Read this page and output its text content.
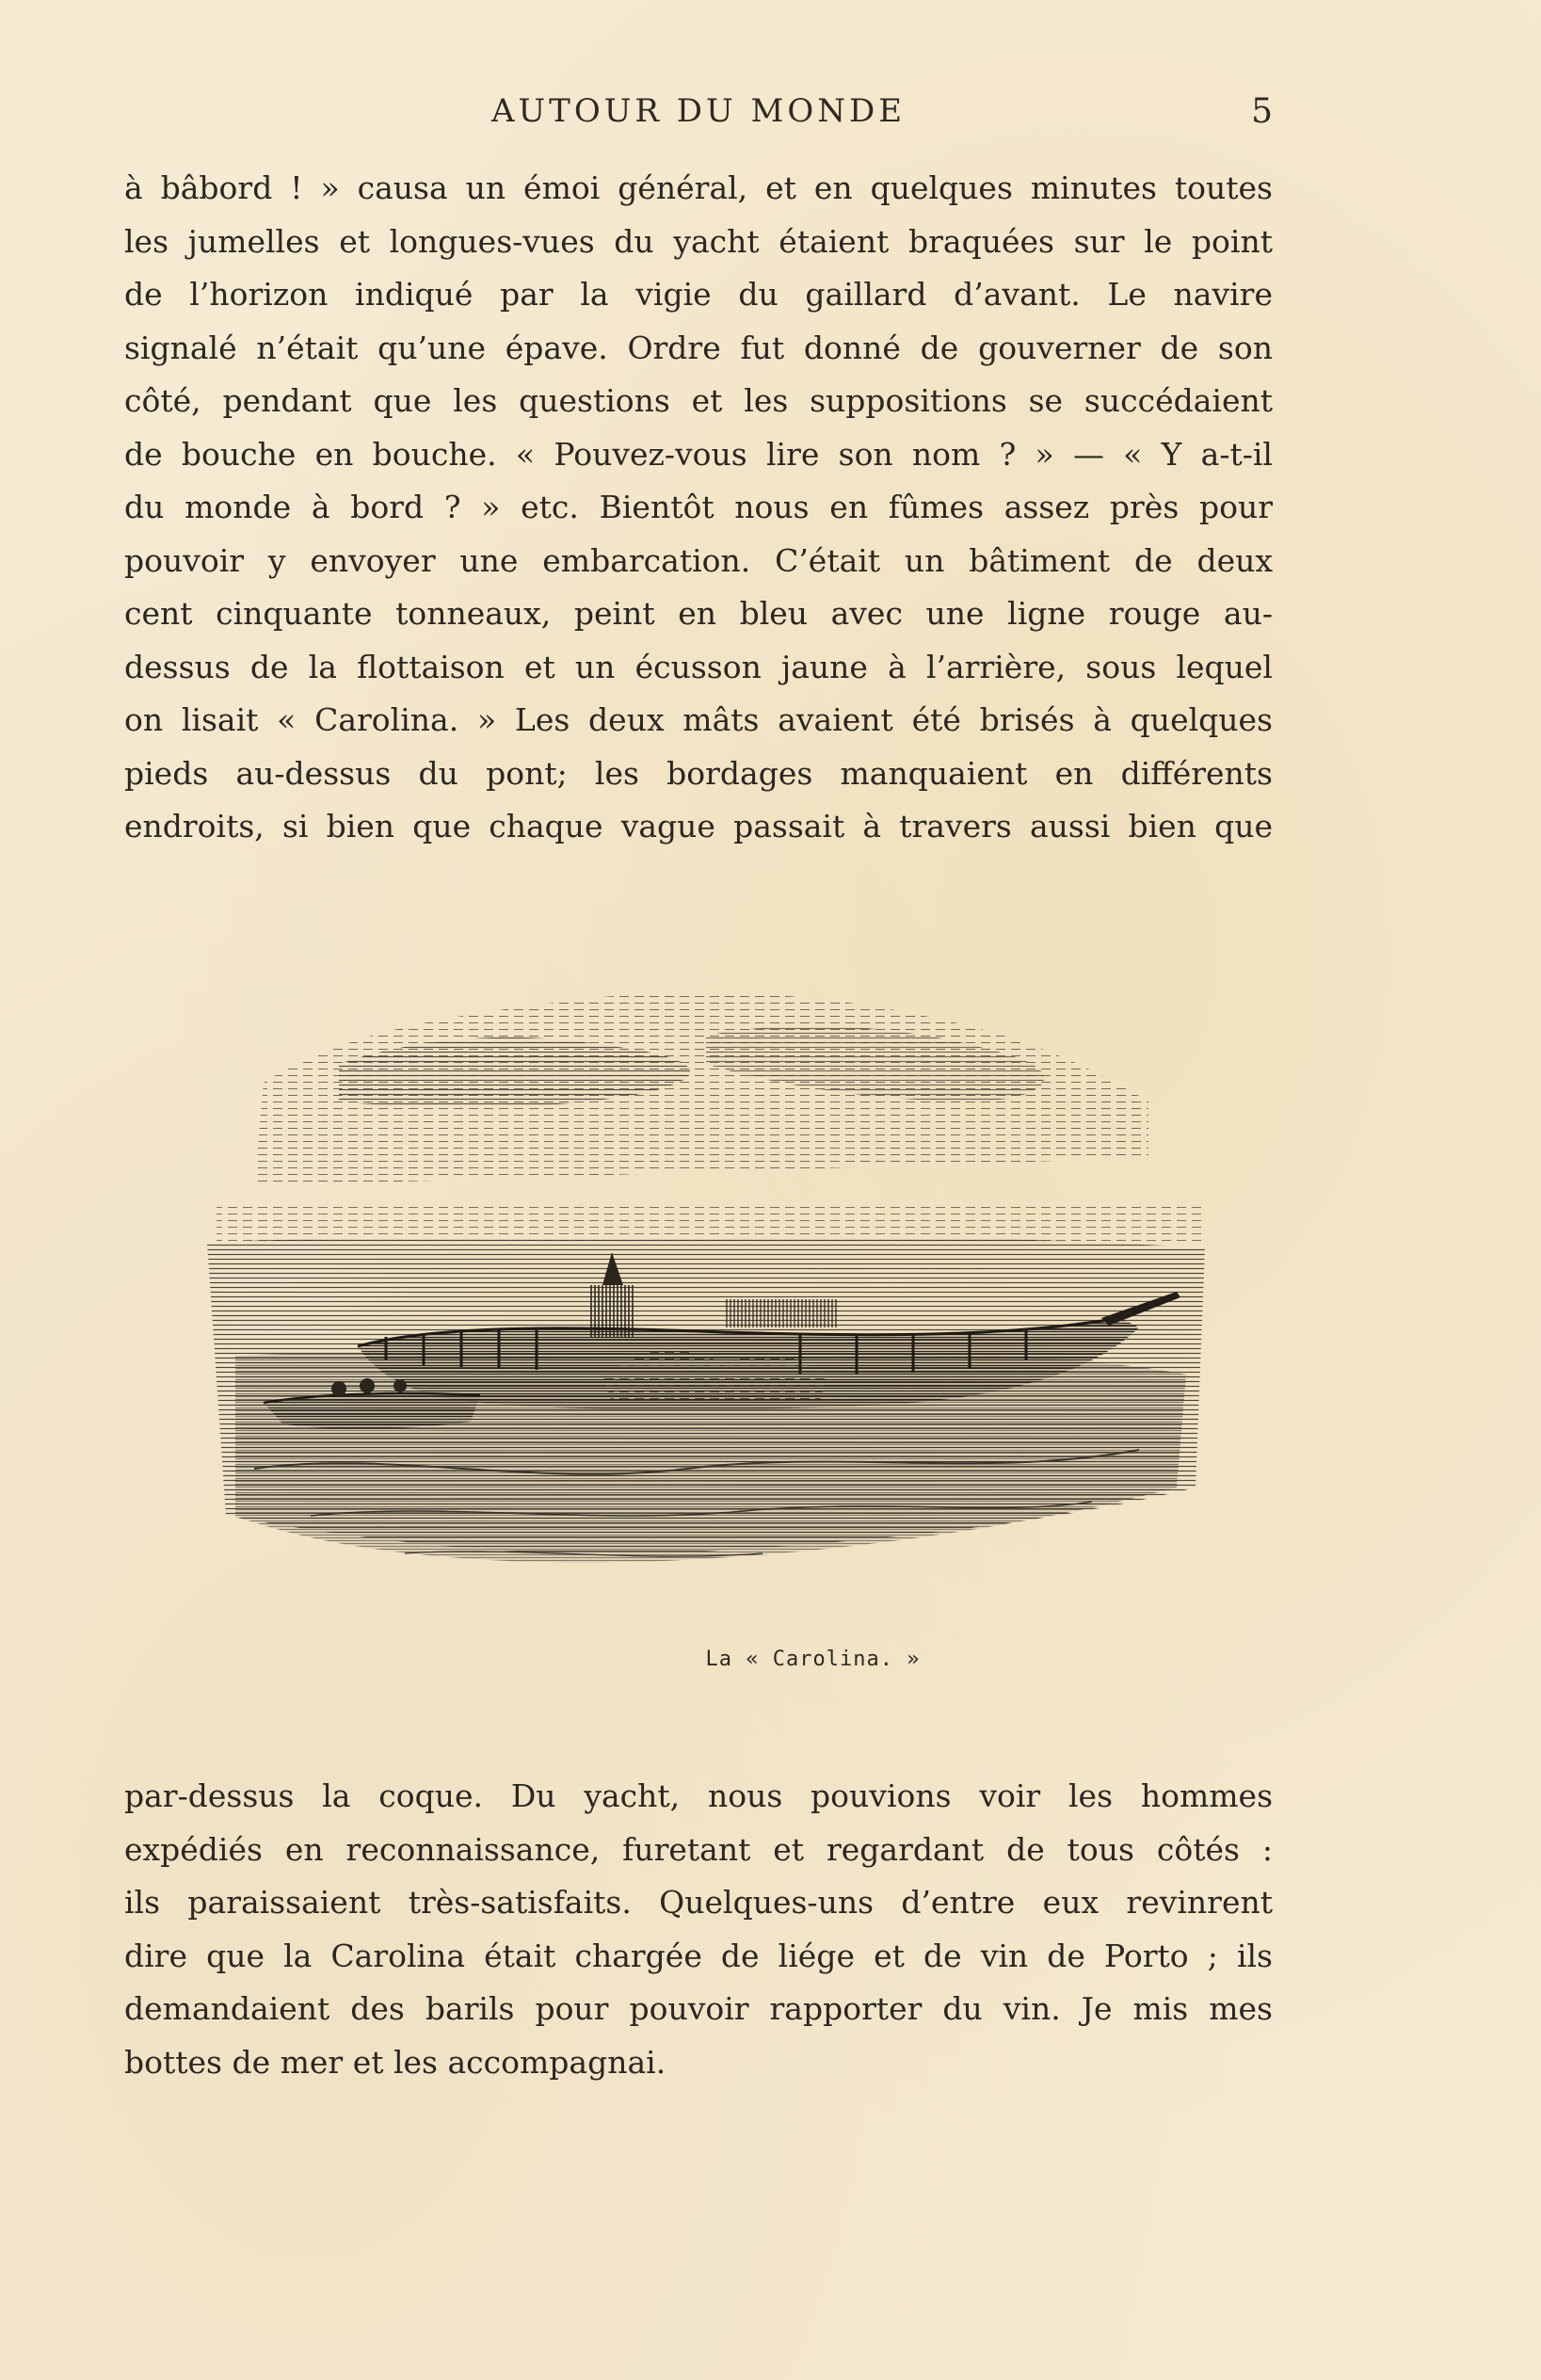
AUTOUR DU MONDE	5
à bâbord ! » causa un émoi général, et en quelques minutes toutes
les jumelles et longues-vues du yacht étaient braquées sur le point
de l’horizon indiqué par la vigie du gaillard d’avant. Le navire
signalé n’était qu’une épave. Ordre fut donné de gouverner de son
côté, pendant que les questions et les suppositions se succédaient
de bouche en bouche. « Pouvez-vous lire son nom ? » — « Y a-t-il
du monde à bord ? » etc. Bientôt nous en fûmes assez près pour
pouvoir y envoyer une embarcation. C’était un bâtiment de deux
cent cinquante tonneaux, peint en bleu avec une ligne rouge au-
dessus de la flottaison et un écusson jaune à l’arrière, sous lequel
on lisait « Carolina. » Les deux mâts avaient été brisés à quelques
pieds au-dessus du pont; les bordages manquaient en différents
endroits, si bien que chaque vague passait à travers aussi bien que
La « Carolina. »
par-dessus la coque. Du yacht, nous pouvions voir les hommes
expédiés en reconnaissance, furetant et regardant de tous côtés :
ils paraissaient très-satisfaits. Quelques-uns d’entre eux revinrent
dire que la Carolina était chargée de liége et de vin de Porto ; ils
demandaient des barils pour pouvoir rapporter du vin. Je mis mes
bottes de mer et les accompagnai.
